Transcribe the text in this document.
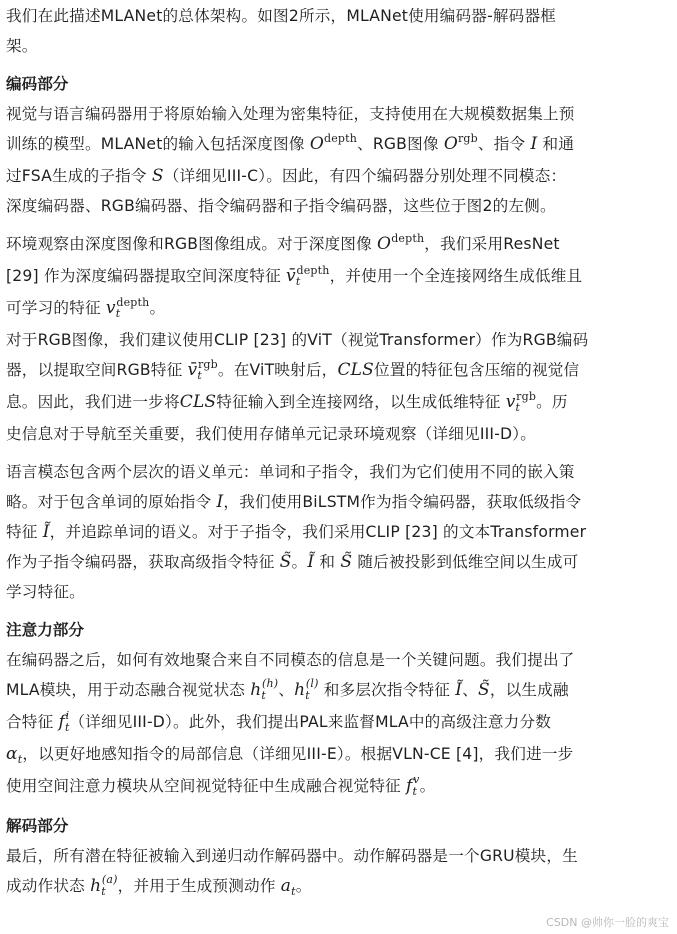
我们在此描述MLANet的总体架构。如图2所示，MLANet使用编码器-解码器框

架。

编码部分

视觉与语言编码器用于将原始输入处理为密集特征，支持使用在大规模数据集上预

训练的模型。MLANet的输入包括深度图像 $O^{depth}$、RGB图像 $O^{rgb}$、指令 I 和通

过FSA生成的子指令 S（详细见III-C）。因此，有四个编码器分别处理不同模态：

深度编码器、RGB编码器、指令编码器和子指令编码器，这些位于图2的左侧。

环境观察由深度图像和RGB图像组成。对于深度图像 $O^{depth}$，我们采用ResNet

[29] 作为深度编码器提取空间深度特征 $v̄_t^{depth}$，并使用一个全连接网络生成低维且

可学习的特征 $v_t^{depth}$。

对于RGB图像，我们建议使用CLIP [23] 的ViT（视觉Transformer）作为RGB编码

器，以提取空间RGB特征 $v̄_t^{rgb}$。在ViT映射后，CLS位置的特征包含压缩的视觉信

息。因此，我们进一步将CLS特征输入到全连接网络，以生成低维特征 $v_t^{rgb}$。历

史信息对于导航至关重要，我们使用存储单元记录环境观察（详细见III-D）。

语言模态包含两个层次的语义单元：单词和子指令，我们为它们使用不同的嵌入策

略。对于包含单词的原始指令 I，我们使用BiLSTM作为指令编码器，获取低级指令

特征 Ĩ，并追踪单词的语义。对于子指令，我们采用CLIP [23] 的文本Transformer

作为子指令编码器，获取高级指令特征 S̃。Ĩ 和 S̃ 随后被投影到低维空间以生成可

学习特征。

注意力部分

在编码器之后，如何有效地聚合来自不同模态的信息是一个关键问题。我们提出了

MLA模块，用于动态融合视觉状态 $h_t^{(h)}$、$h_t^{(l)}$ 和多层次指令特征 Ĩ、S̃，以生成融

合特征 $f_t^i$（详细见III-D）。此外，我们提出PAL来监督MLA中的高级注意力分数

$\alpha_t$，以更好地感知指令的局部信息（详细见III-E）。根据VLN-CE [4]，我们进一步

使用空间注意力模块从空间视觉特征中生成融合视觉特征 $f_t^v$。

解码部分

最后，所有潜在特征被输入到递归动作解码器中。动作解码器是一个GRU模块，生

成动作状态 $h_t^{(a)}$，并用于生成预测动作 $a_t$。

CSDN @帅你一脸的爽宝
